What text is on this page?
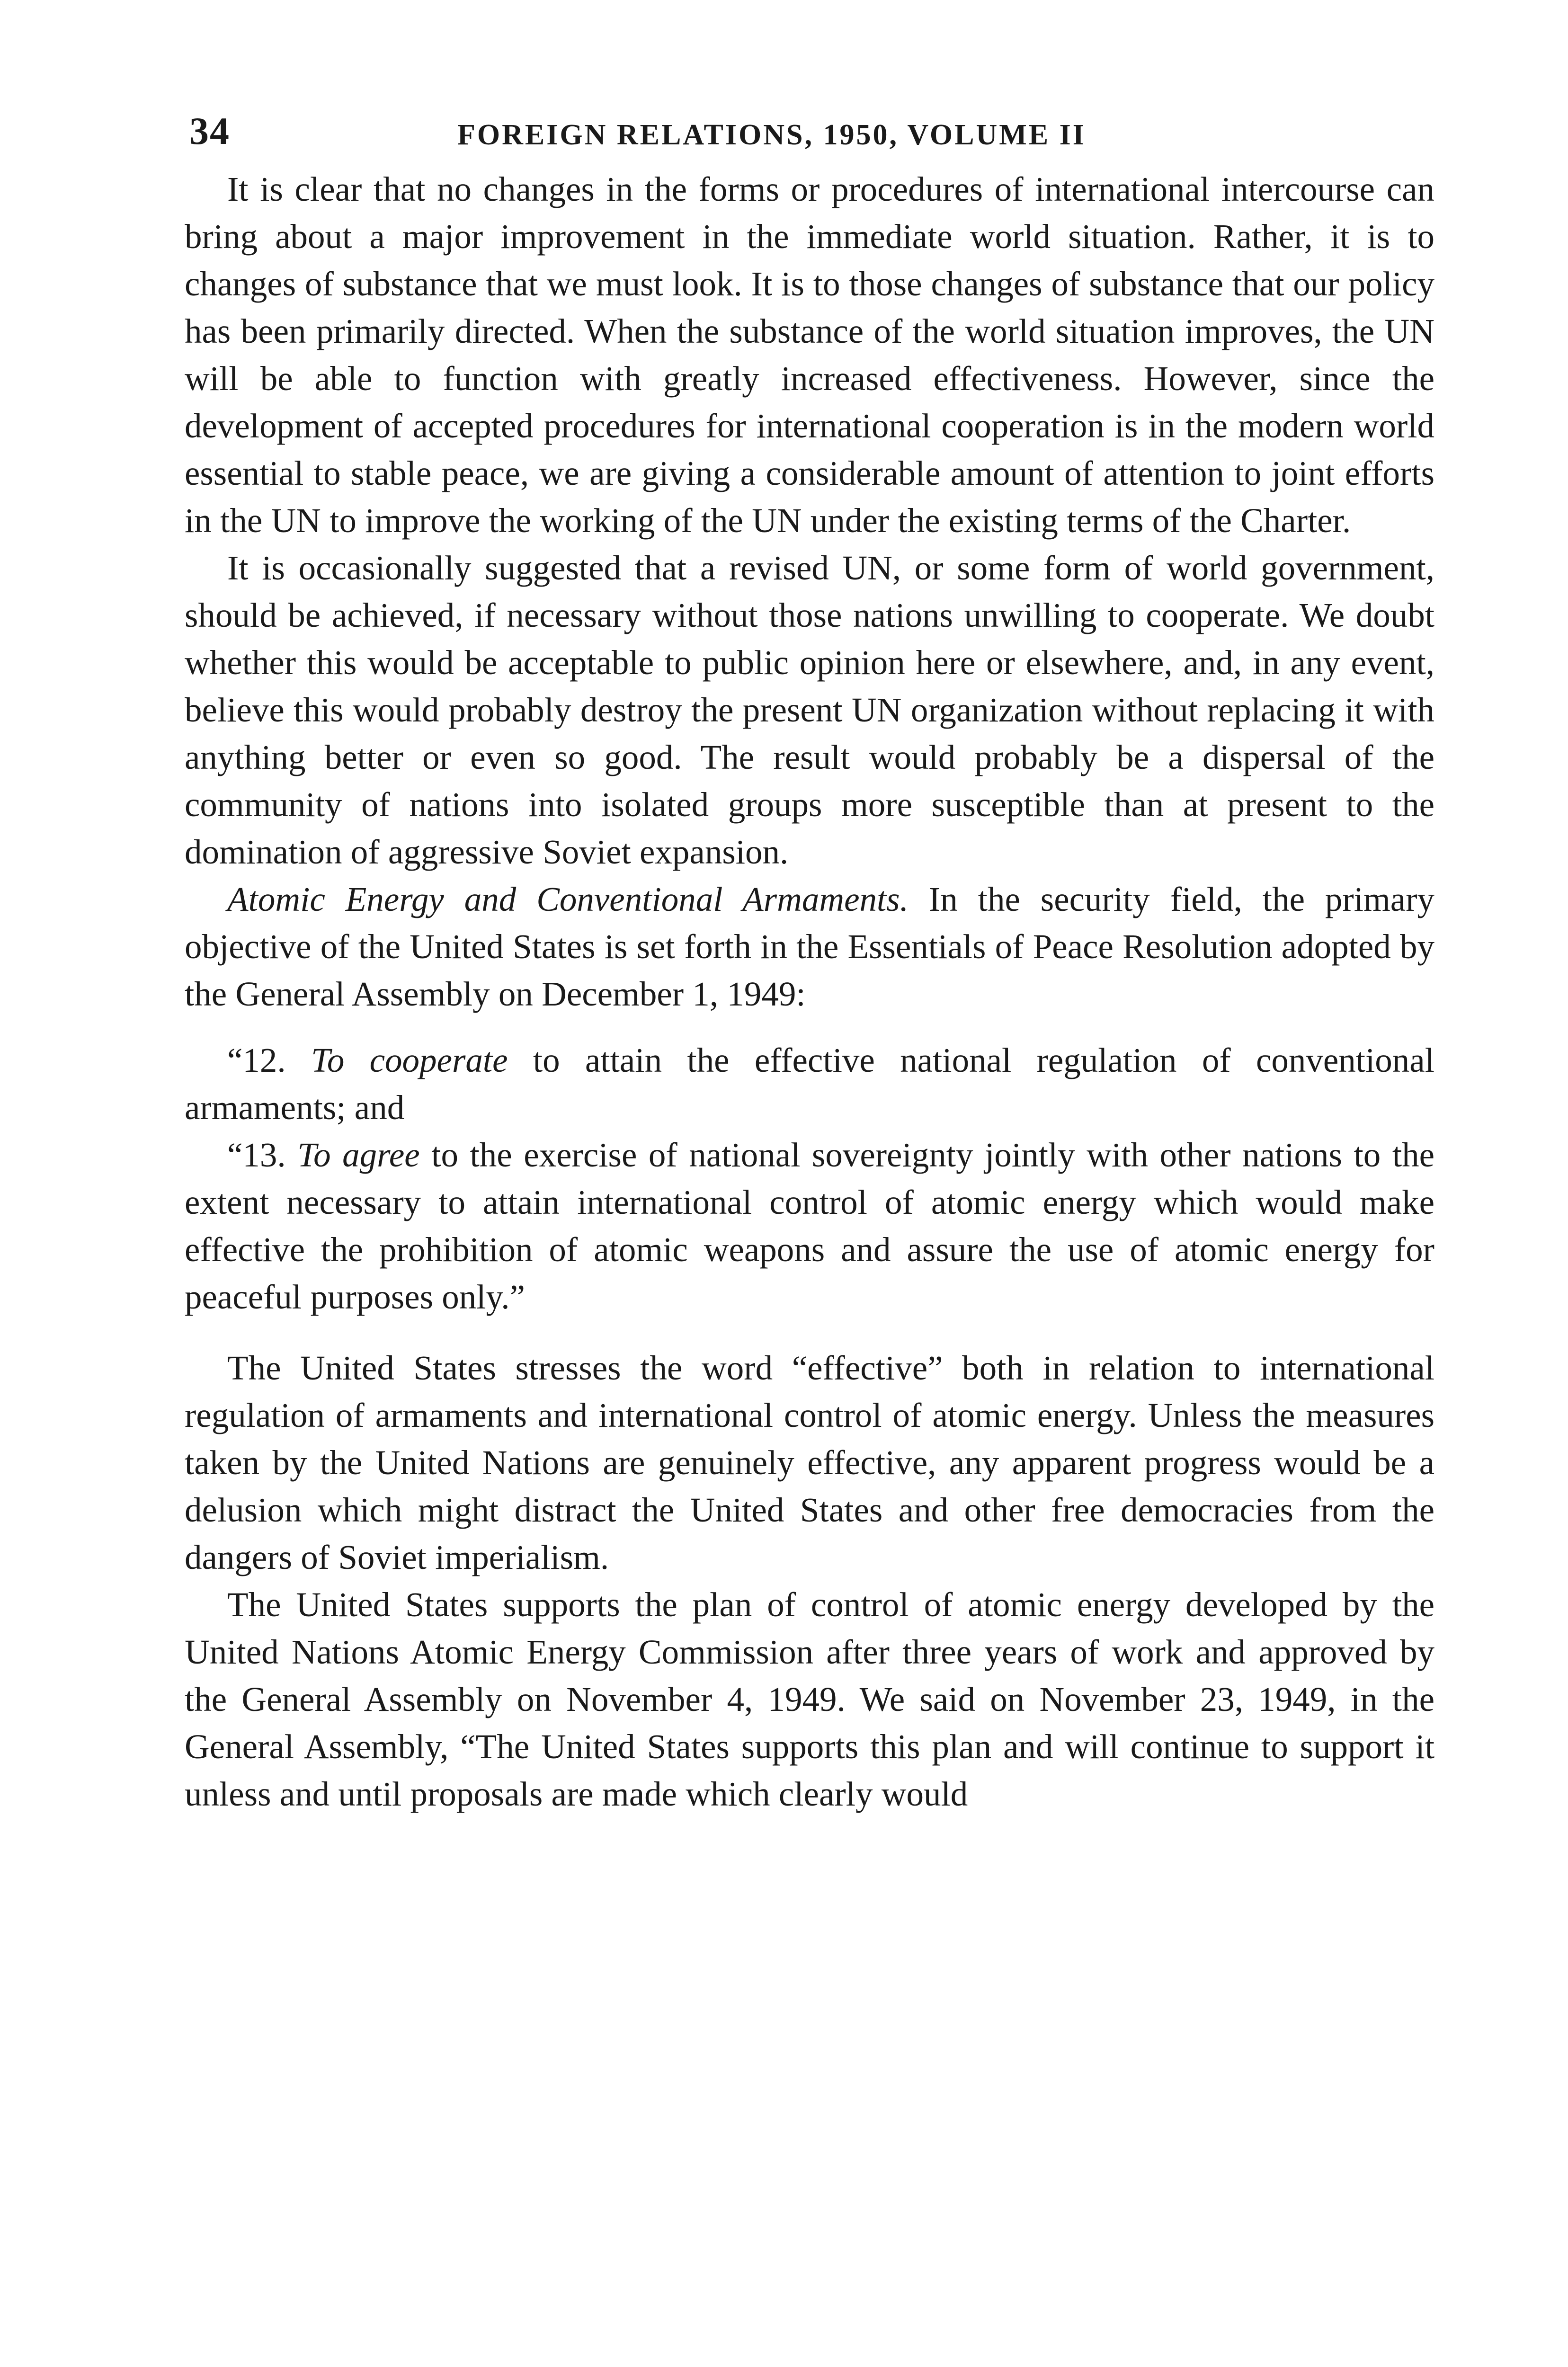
34	FOREIGN RELATIONS, 1950, VOLUME II

It is clear that no changes in the forms or procedures of international intercourse can bring about a major improvement in the immediate world situation. Rather, it is to changes of substance that we must look. It is to those changes of substance that our policy has been primarily directed. When the substance of the world situation improves, the UN will be able to function with greatly increased effectiveness. However, since the development of accepted procedures for international cooperation is in the modern world essential to stable peace, we are giving a considerable amount of attention to joint efforts in the UN to improve the working of the UN under the existing terms of the Charter.

It is occasionally suggested that a revised UN, or some form of world government, should be achieved, if necessary without those nations unwilling to cooperate. We doubt whether this would be acceptable to public opinion here or elsewhere, and, in any event, believe this would probably destroy the present UN organization without replacing it with anything better or even so good. The result would probably be a dispersal of the community of nations into isolated groups more susceptible than at present to the domination of aggressive Soviet expansion.

Atomic Energy and Conventional Armaments. In the security field, the primary objective of the United States is set forth in the Essentials of Peace Resolution adopted by the General Assembly on December 1, 1949:

“12. To cooperate to attain the effective national regulation of conventional armaments; and

“13. To agree to the exercise of national sovereignty jointly with other nations to the extent necessary to attain international control of atomic energy which would make effective the prohibition of atomic weapons and assure the use of atomic energy for peaceful purposes only.”

The United States stresses the word “effective” both in relation to international regulation of armaments and international control of atomic energy. Unless the measures taken by the United Nations are genuinely effective, any apparent progress would be a delusion which might distract the United States and other free democracies from the dangers of Soviet imperialism.

The United States supports the plan of control of atomic energy developed by the United Nations Atomic Energy Commission after three years of work and approved by the General Assembly on November 4, 1949. We said on November 23, 1949, in the General Assembly, “The United States supports this plan and will continue to support it unless and until proposals are made which clearly would
